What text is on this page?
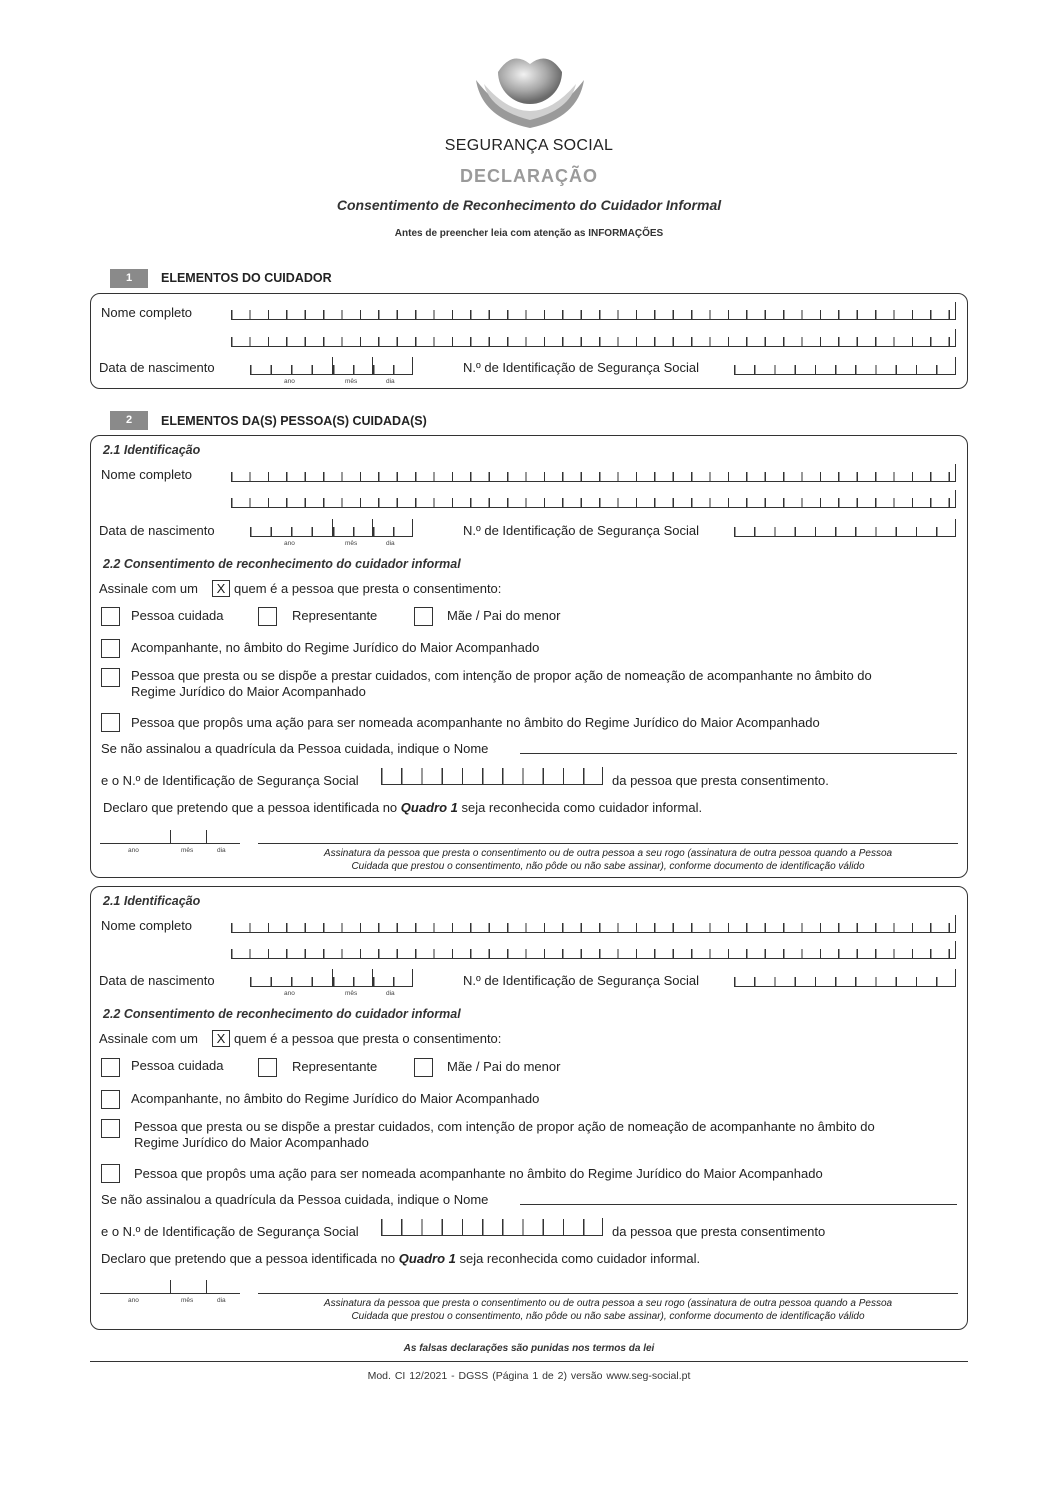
SEGURANÇA SOCIAL
DECLARAÇÃO
Consentimento de Reconhecimento do Cuidador Informal
Antes de preencher leia com atenção as INFORMAÇÕES
1	ELEMENTOS DO CUIDADOR
Nome completo
Data de nascimento
ano	mês	dia
N.º de Identificação de Segurança Social
2	ELEMENTOS DA(S) PESSOA(S) CUIDADA(S)
2.1 Identificação
Nome completo
Data de nascimento
ano	mês	dia
N.º de Identificação de Segurança Social
2.2 Consentimento de reconhecimento do cuidador informal
Assinale com um	X quem é a pessoa que presta o consentimento:
Pessoa cuidada	Representante	Mãe / Pai do menor
Acompanhante, no âmbito do Regime Jurídico do Maior Acompanhado
Pessoa que presta ou se dispõe a prestar cuidados, com intenção de propor ação de nomeação de acompanhante no âmbito do
Regime Jurídico do Maior Acompanhado
Pessoa que propôs uma ação para ser nomeada acompanhante no âmbito do Regime Jurídico do Maior Acompanhado
Se não assinalou a quadrícula da Pessoa cuidada, indique o Nome
e o N.º de Identificação de Segurança Social	da pessoa que presta consentimento.
Declaro que pretendo que a pessoa identificada no Quadro 1 seja reconhecida como cuidador informal.
ano	mês	dia	Assinatura da pessoa que presta o consentimento ou de outra pessoa a seu rogo (assinatura de outra pessoa quando a Pessoa
Cuidada que prestou o consentimento, não pôde ou não sabe assinar), conforme documento de identificação válido
2.1 Identificação
Nome completo
Data de nascimento
ano	mês	dia
N.º de Identificação de Segurança Social
2.2 Consentimento de reconhecimento do cuidador informal
Assinale com um	X quem é a pessoa que presta o consentimento:
Pessoa cuidada	Representante	Mãe / Pai do menor
Acompanhante, no âmbito do Regime Jurídico do Maior Acompanhado
Pessoa que presta ou se dispõe a prestar cuidados, com intenção de propor ação de nomeação de acompanhante no âmbito do
Regime Jurídico do Maior Acompanhado
Pessoa que propôs uma ação para ser nomeada acompanhante no âmbito do Regime Jurídico do Maior Acompanhado
Se não assinalou a quadrícula da Pessoa cuidada, indique o Nome
e o N.º de Identificação de Segurança Social	da pessoa que presta consentimento
Declaro que pretendo que a pessoa identificada no Quadro 1 seja reconhecida como cuidador informal.
ano	mês	dia	Assinatura da pessoa que presta o consentimento ou de outra pessoa a seu rogo (assinatura de outra pessoa quando a Pessoa
Cuidada que prestou o consentimento, não pôde ou não sabe assinar), conforme documento de identificação válido
As falsas declarações são punidas nos termos da lei
Mod. CI 12/2021 - DGSS (Página 1 de 2) versão www.seg-social.pt
